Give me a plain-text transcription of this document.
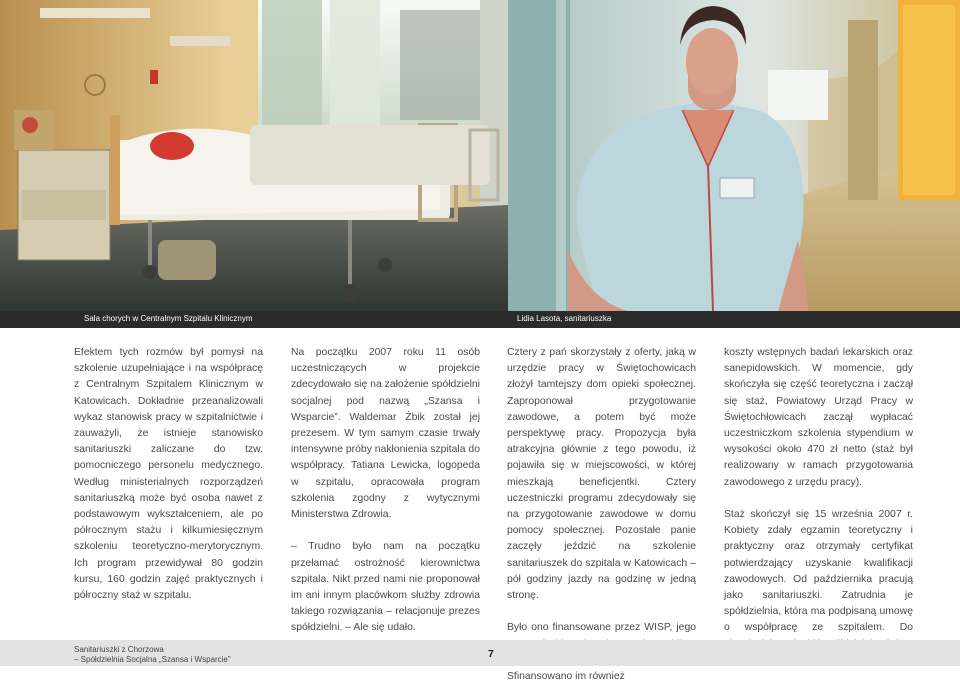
Sala chorych w Centralnym Szpitalu Klinicznym	Lidia Lasota, sanitariuszka

Efektem tych rozmów był pomysł na szkolenie uzupełniające i na współpracę z Centralnym Szpitalem Klinicznym w Katowicach. Dokładnie przeanalizowali wykaz stanowisk pracy w szpitalnictwie i zauważyli, że istnieje stanowisko sanitariuszki zaliczane do tzw. pomocniczego personelu medycznego. Według ministerialnych rozporządzeń sanitariuszką może być osoba nawet z podstawowym wykształceniem, ale po półrocznym stażu i kilkumiesięcznym szkoleniu teoretyczno-merytorycznym. Ich program przewidywał 80 godzin kursu, 160 godzin zajęć praktycznych i półroczny staż w szpitalu.

Na początku 2007 roku 11 osób uczestniczących w projekcie zdecydowało się na założenie spółdzielni socjalnej pod nazwą „Szansa i Wsparcie”. Waldemar Żbik został jej prezesem. W tym samym czasie trwały intensywne próby nakłonienia szpitala do współpracy. Tatiana Lewicka, logopeda w szpitalu, opracowała program szkolenia zgodny z wytycznymi Ministerstwa Zdrowia.

– Trudno było nam na początku przełamać ostrożność kierownictwa szpitala. Nikt przed nami nie proponował im ani innym placówkom służby zdrowia takiego rozwiązania – relacjonuje prezes spółdzielni. – Ale się udało.

Cztery z pań skorzystały z oferty, jaką w urzędzie pracy w Świętochowicach złożył tamtejszy dom opieki społecznej. Zaproponował przygotowanie zawodowe, a potem być może perspektywę pracy. Propozycja była atrakcyjna głównie z tego powodu, iż pojawiła się w miejscowości, w której mieszkają beneficjentki. Cztery uczestniczki programu zdecydowały się na przygotowanie zawodowe w domu pomocy społecznej. Pozostałe panie zaczęły jeździć na szkolenie sanitariuszek do szpitala w Katowicach – pół godziny jazdy na godzinę w jedną stronę.

Było ono finansowane przez WISP, jego Sfinansowano im również

koszty wstępnych badań lekarskich oraz sanepidowskich. W momencie, gdy skończyła się część teoretyczna i zaczął się staż, Powiatowy Urząd Pracy w Świętochłowicach zaczął wypłacać uczestniczkom szkolenia stypendium w wysokości około 470 zł netto (staż był realizowany w ramach przygotowania zawodowego z urzędu pracy).

Staż skończył się 15 września 2007 r. Kobiety zdały egzamin teoretyczny i praktyczny oraz otrzymały certyfikat potwierdzający uzyskanie kwalifikacji zawodowych. Od października pracują jako sanitariuszki. Zatrudnia je spółdzielnia, która ma podpisaną umowę o współpracę ze szpitalem. Do

Sanitariuszki z Chorzowa
– Spółdzielnia Socjalna „Szansa i Wsparcie”	7
